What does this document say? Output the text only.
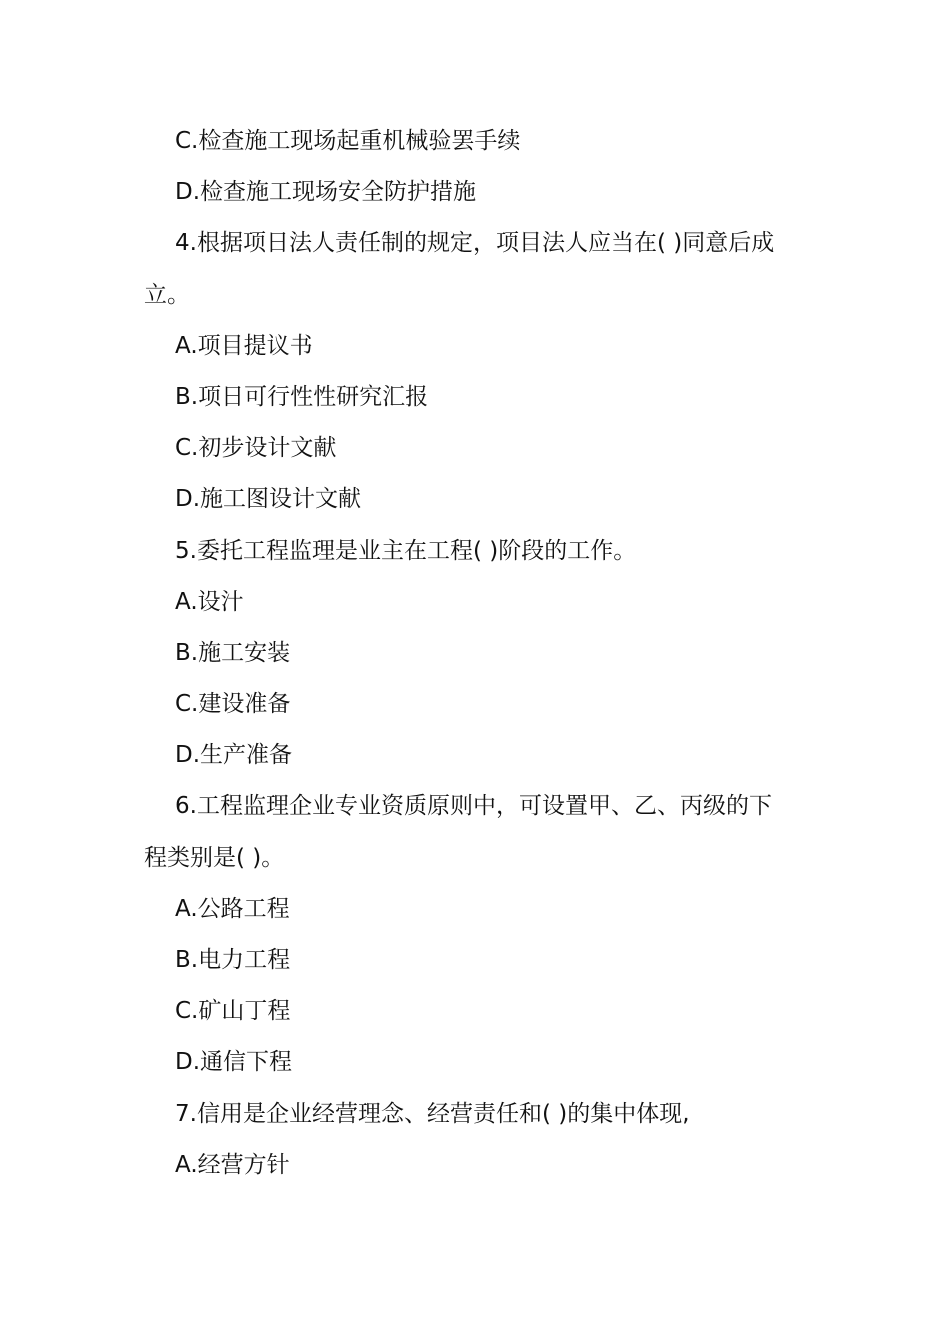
C.检查施工现场起重机械验罢手续
D.检查施工现场安全防护措施
4.根据项日法人责任制的规定，项目法人应当在( )同意后成
立。
A.项目提议书
B.项日可行性性研究汇报
C.初步设计文献
D.施工图设计文献
5.委托工程监理是业主在工程( )阶段的工作。
A.设汁
B.施工安装
C.建设准备
D.生产准备
6.工程监理企业专业资质原则中，可设置甲、乙、丙级的下
程类别是( )。
A.公路工程
B.电力工程
C.矿山丁程
D.通信下程
7.信用是企业经营理念、经营责任和( )的集中体现,
A.经营方针
